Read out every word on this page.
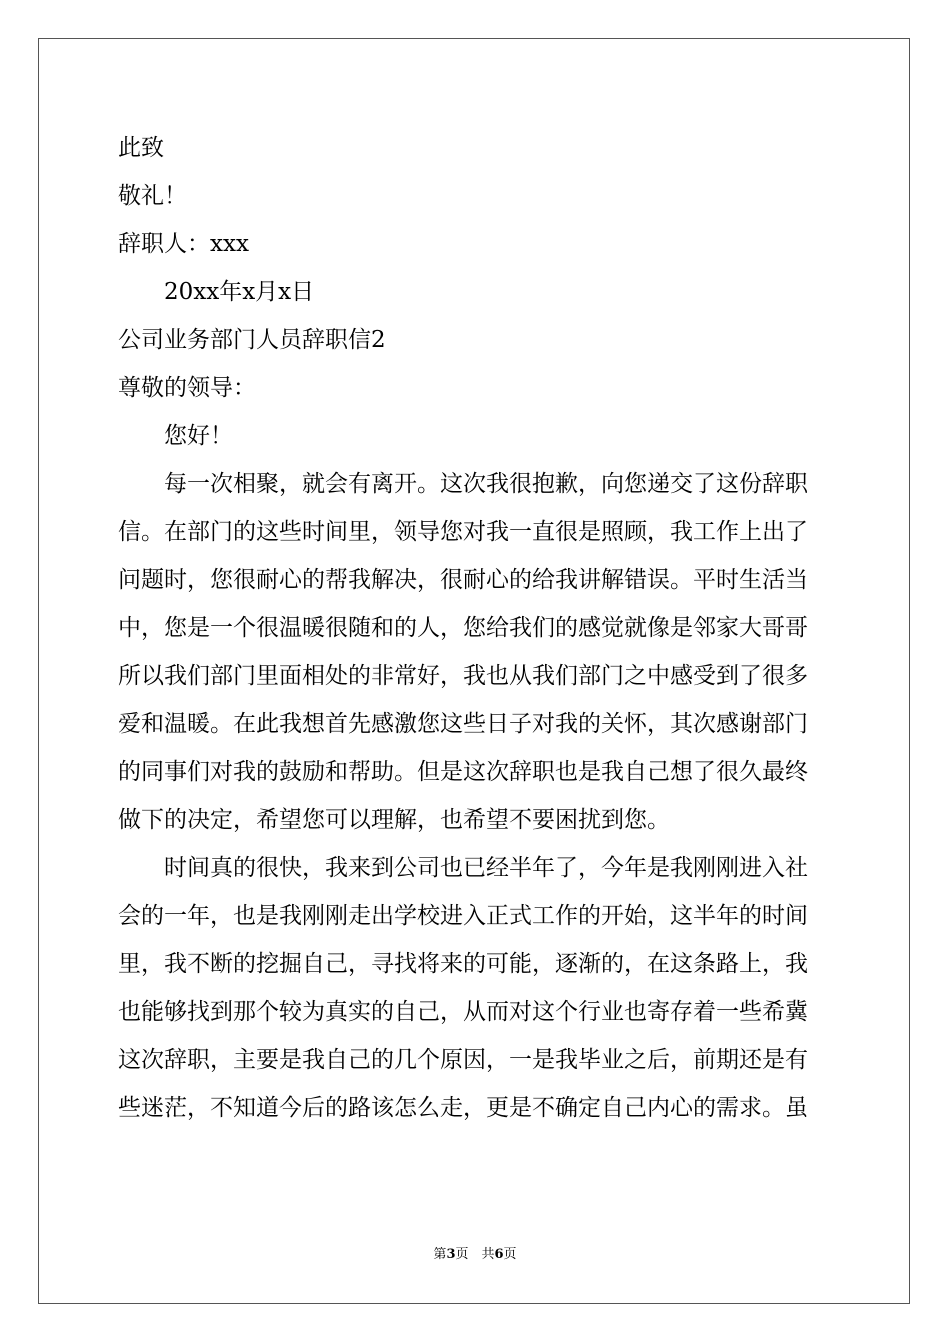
此致
敬礼！
辞职人：xxx
20xx年x月x日
公司业务部门人员辞职信2
尊敬的领导：
您好！
每一次相聚，就会有离开。这次我很抱歉，向您递交了这份辞职
信。在部门的这些时间里，领导您对我一直很是照顾，我工作上出了
问题时，您很耐心的帮我解决，很耐心的给我讲解错误。平时生活当
中，您是一个很温暖很随和的人，您给我们的感觉就像是邻家大哥哥
所以我们部门里面相处的非常好，我也从我们部门之中感受到了很多
爱和温暖。在此我想首先感激您这些日子对我的关怀，其次感谢部门
的同事们对我的鼓励和帮助。但是这次辞职也是我自己想了很久最终
做下的决定，希望您可以理解，也希望不要困扰到您。
时间真的很快，我来到公司也已经半年了，今年是我刚刚进入社
会的一年，也是我刚刚走出学校进入正式工作的开始，这半年的时间
里，我不断的挖掘自己，寻找将来的可能，逐渐的，在这条路上，我
也能够找到那个较为真实的自己，从而对这个行业也寄存着一些希冀
这次辞职，主要是我自己的几个原因，一是我毕业之后，前期还是有
些迷茫，不知道今后的路该怎么走，更是不确定自己内心的需求。虽
第3页　共6页
